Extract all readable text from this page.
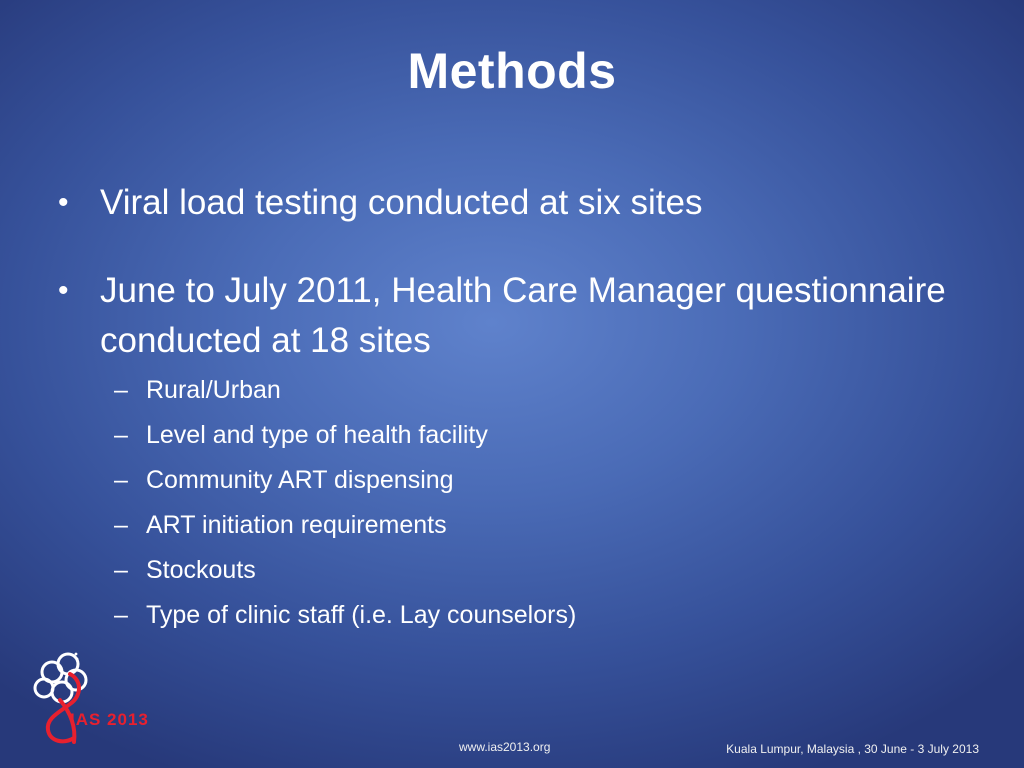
Methods
• Viral load testing conducted at six sites
• June to July 2011, Health Care Manager questionnaire conducted at 18 sites
– Rural/Urban
– Level and type of health facility
– Community ART dispensing
– ART initiation requirements
– Stockouts
– Type of clinic staff (i.e. Lay counselors)
IAS 2013
www.ias2013.org	Kuala Lumpur, Malaysia , 30 June - 3 July 2013
